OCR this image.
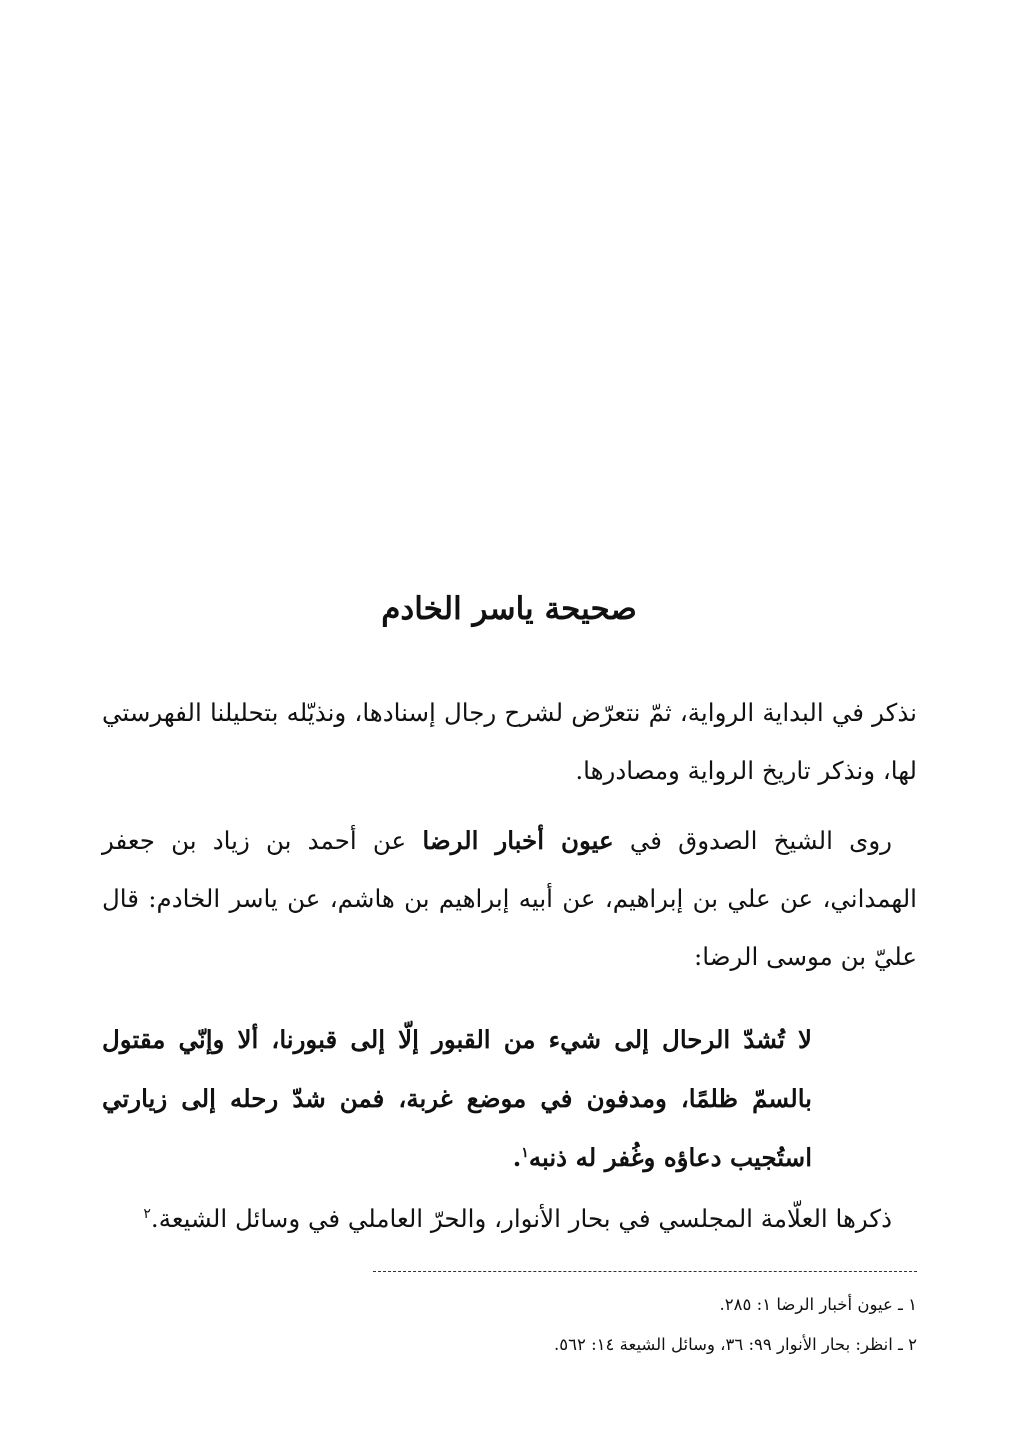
صحيحة ياسر الخادم
نذكر في البداية الرواية، ثمّ نتعرّض لشرح رجال إسنادها، ونذيّله بتحليلنا الفهرستي لها، ونذكر تاريخ الرواية ومصادرها.
روى الشيخ الصدوق في عيون أخبار الرضا عن أحمد بن زياد بن جعفر الهمداني، عن علي بن إبراهيم، عن أبيه إبراهيم بن هاشم، عن ياسر الخادم: قال عليّ بن موسى الرضا:
لا تُشدّ الرحال إلى شيء من القبور إلّا إلى قبورنا، ألا وإنّي مقتول بالسمّ ظلمًا، ومدفون في موضع غربة، فمن شدّ رحله إلى زيارتي استُجيب دعاؤه وغُفر له ذنبه$^١$.
ذكرها العلّامة المجلسي في بحار الأنوار، والحرّ العاملي في وسائل الشيعة.$^٢$
١ ـ عيون أخبار الرضا ١: ٢٨٥.
٢ ـ انظر: بحار الأنوار ٩٩: ٣٦، وسائل الشيعة ١٤: ٥٦٢.
